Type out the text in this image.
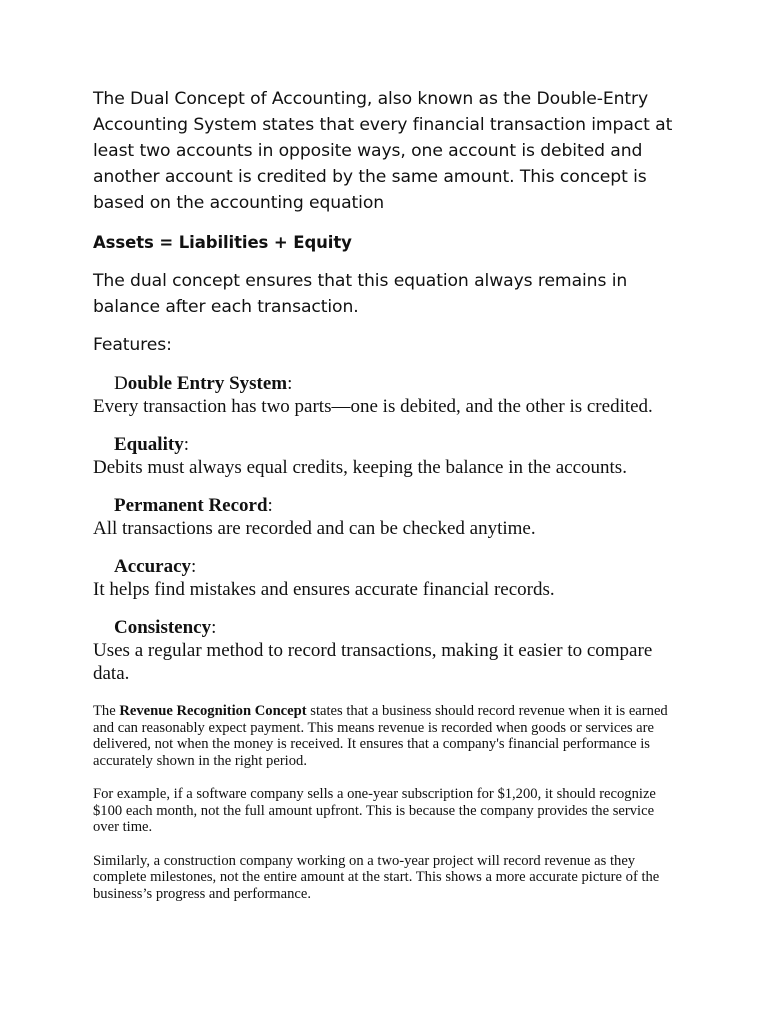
The Dual Concept of Accounting, also known as the Double-Entry Accounting System states that every financial transaction impact at least two accounts in opposite ways, one account is debited and another account is credited by the same amount. This concept is based on the accounting equation

Assets = Liabilities + Equity

The dual concept ensures that this equation always remains in balance after each transaction.

Features:

Double Entry System:

Every transaction has two parts—one is debited, and the other is credited.

Equality:

Debits must always equal credits, keeping the balance in the accounts.

Permanent Record:

All transactions are recorded and can be checked anytime.

Accuracy:

It helps find mistakes and ensures accurate financial records.

Consistency:

Uses a regular method to record transactions, making it easier to compare data.

The Revenue Recognition Concept states that a business should record revenue when it is earned and can reasonably expect payment. This means revenue is recorded when goods or services are delivered, not when the money is received. It ensures that a company's financial performance is accurately shown in the right period.

For example, if a software company sells a one-year subscription for $1,200, it should recognize $100 each month, not the full amount upfront. This is because the company provides the service over time.

Similarly, a construction company working on a two-year project will record revenue as they complete milestones, not the entire amount at the start. This shows a more accurate picture of the business’s progress and performance.
